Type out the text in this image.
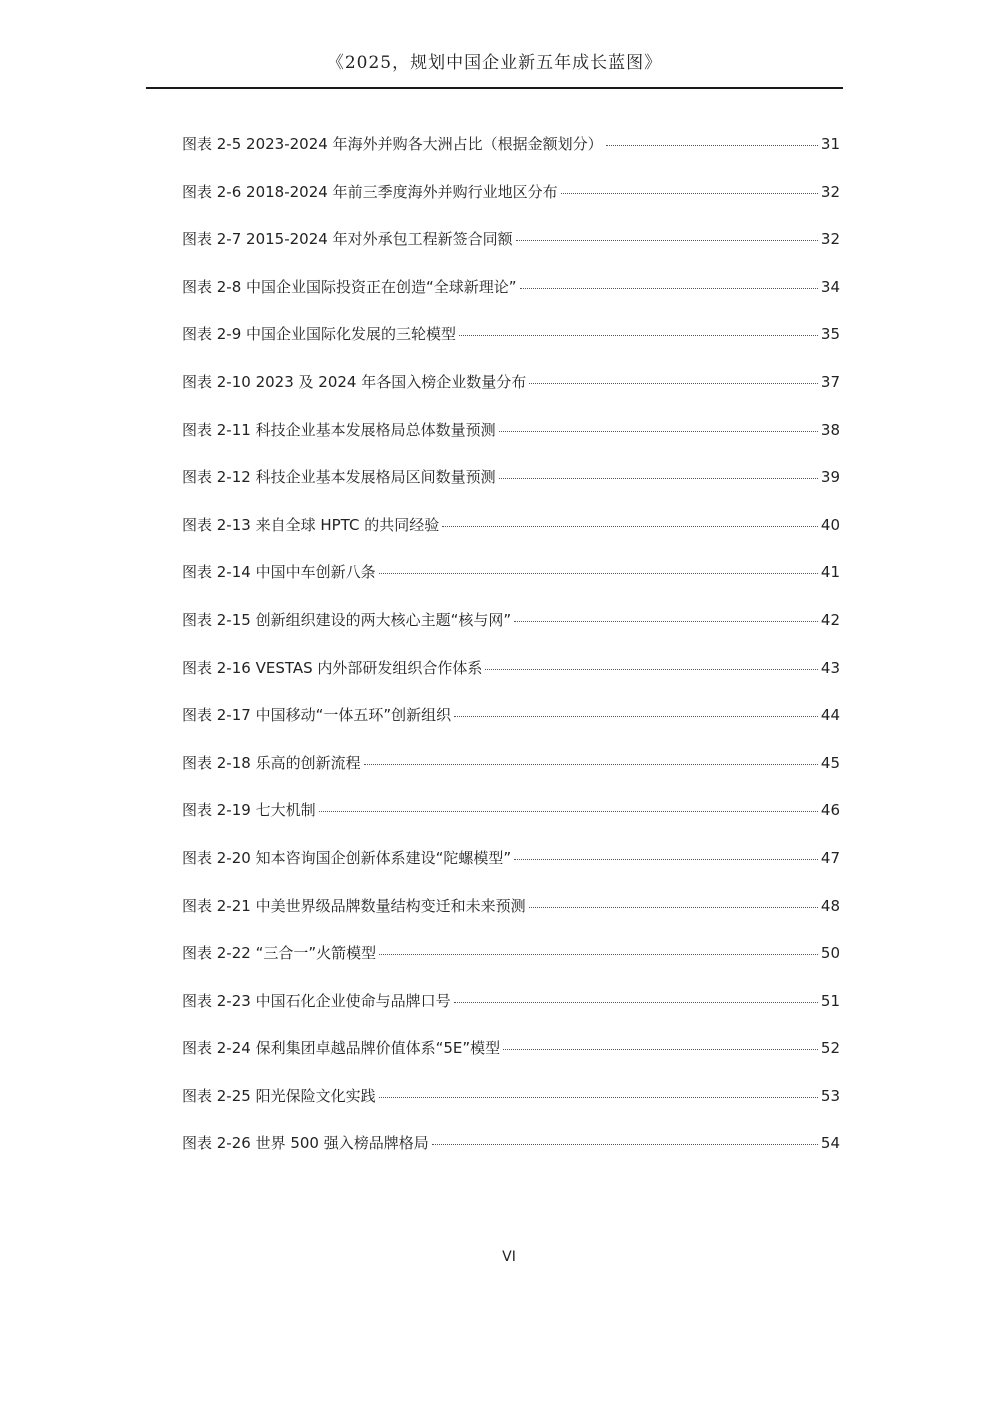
《2025，规划中国企业新五年成长蓝图》
图表 2-5 2023-2024 年海外并购各大洲占比（根据金额划分）	31
图表 2-6 2018-2024 年前三季度海外并购行业地区分布	32
图表 2-7 2015-2024 年对外承包工程新签合同额	32
图表 2-8 中国企业国际投资正在创造“全球新理论”	34
图表 2-9 中国企业国际化发展的三轮模型	35
图表 2-10 2023 及 2024 年各国入榜企业数量分布	37
图表 2-11 科技企业基本发展格局总体数量预测	38
图表 2-12 科技企业基本发展格局区间数量预测	39
图表 2-13 来自全球 HPTC 的共同经验	40
图表 2-14 中国中车创新八条	41
图表 2-15 创新组织建设的两大核心主题“核与网”	42
图表 2-16 VESTAS 内外部研发组织合作体系	43
图表 2-17 中国移动“一体五环”创新组织	44
图表 2-18 乐高的创新流程	45
图表 2-19 七大机制	46
图表 2-20 知本咨询国企创新体系建设“陀螺模型”	47
图表 2-21 中美世界级品牌数量结构变迁和未来预测	48
图表 2-22 “三合一”火箭模型	50
图表 2-23 中国石化企业使命与品牌口号	51
图表 2-24 保利集团卓越品牌价值体系“5E”模型	52
图表 2-25 阳光保险文化实践	53
图表 2-26 世界 500 强入榜品牌格局	54
VI
